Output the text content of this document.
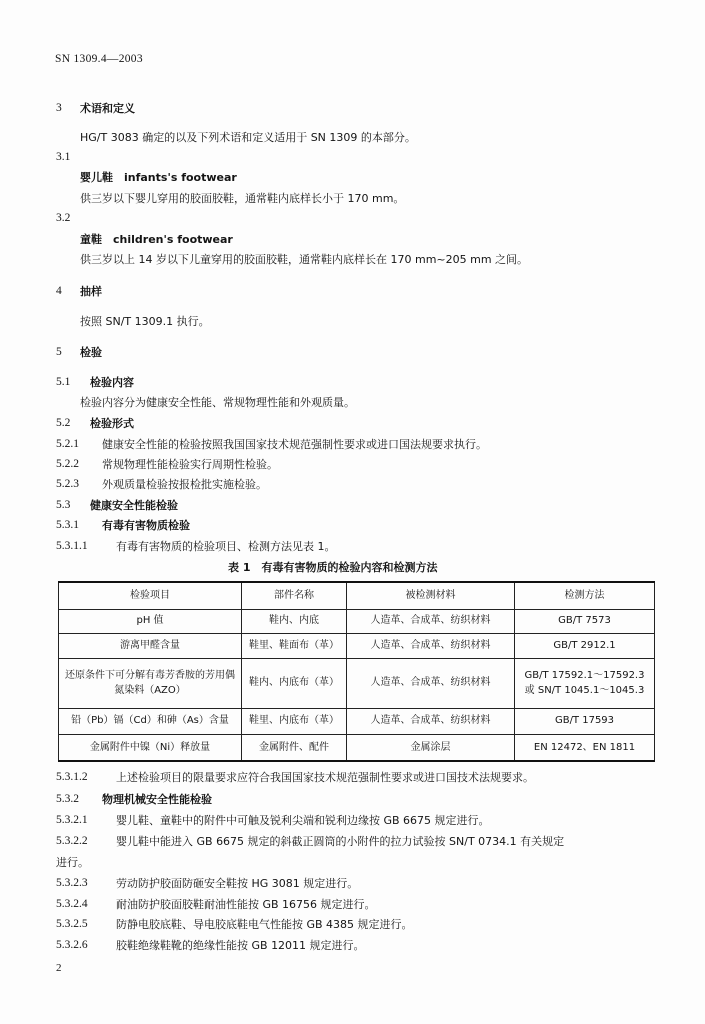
SN 1309.4—2003
3 术语和定义
HG/T 3083 确定的以及下列术语和定义适用于 SN 1309 的本部分。
3.1
婴儿鞋　infants's footwear
供三岁以下婴儿穿用的胶面胶鞋，通常鞋内底样长小于 170 mm。
3.2
童鞋　children's footwear
供三岁以上 14 岁以下儿童穿用的胶面胶鞋，通常鞋内底样长在 170 mm~205 mm 之间。
4 抽样
按照 SN/T 1309.1 执行。
5 检验
5.1 检验内容
检验内容分为健康安全性能、常规物理性能和外观质量。
5.2 检验形式
5.2.1 健康安全性能的检验按照我国国家技术规范强制性要求或进口国法规要求执行。
5.2.2 常规物理性能检验实行周期性检验。
5.2.3 外观质量检验按报检批实施检验。
5.3 健康安全性能检验
5.3.1 有毒有害物质检验
5.3.1.1	有毒有害物质的检验项目、检测方法见表 1。
表 1　有毒有害物质的检验内容和检测方法
检验项目	部件名称	被检测材料	检测方法
pH 值	鞋内、内底	人造革、合成革、纺织材料	GB/T 7573
游离甲醛含量	鞋里、鞋面布（革）	人造革、合成革、纺织材料	GB/T 2912.1
还原条件下可分解有毒芳香胺的芳用偶氮染料（AZO）	鞋内、内底布（革）	人造革、合成革、纺织材料	GB/T 17592.1～17592.3
或 SN/T 1045.1～1045.3

铅（Pb）镉（Cd）和砷（As）含量	鞋里、内底布（革）	人造革、合成革、纺织材料	GB/T 17593
金属附件中镍（Ni）释放量	金属附件、配件	金属涂层	EN 12472、EN 1811
5.3.1.2	上述检验项目的限量要求应符合我国国家技术规范强制性要求或进口国技术法规要求。
5.3.2 物理机械安全性能检验
5.3.2.1	婴儿鞋、童鞋中的附件中可触及锐利尖端和锐利边缘按 GB 6675 规定进行。
5.3.2.2	婴儿鞋中能进入 GB 6675 规定的斜截正圆筒的小附件的拉力试验按 SN/T 0734.1 有关规定
进行。
5.3.2.3	劳动防护胶面防砸安全鞋按 HG 3081 规定进行。
5.3.2.4	耐油防护胶面胶鞋耐油性能按 GB 16756 规定进行。
5.3.2.5	防静电胶底鞋、导电胶底鞋电气性能按 GB 4385 规定进行。
5.3.2.6	胶鞋绝缘鞋靴的绝缘性能按 GB 12011 规定进行。
2
